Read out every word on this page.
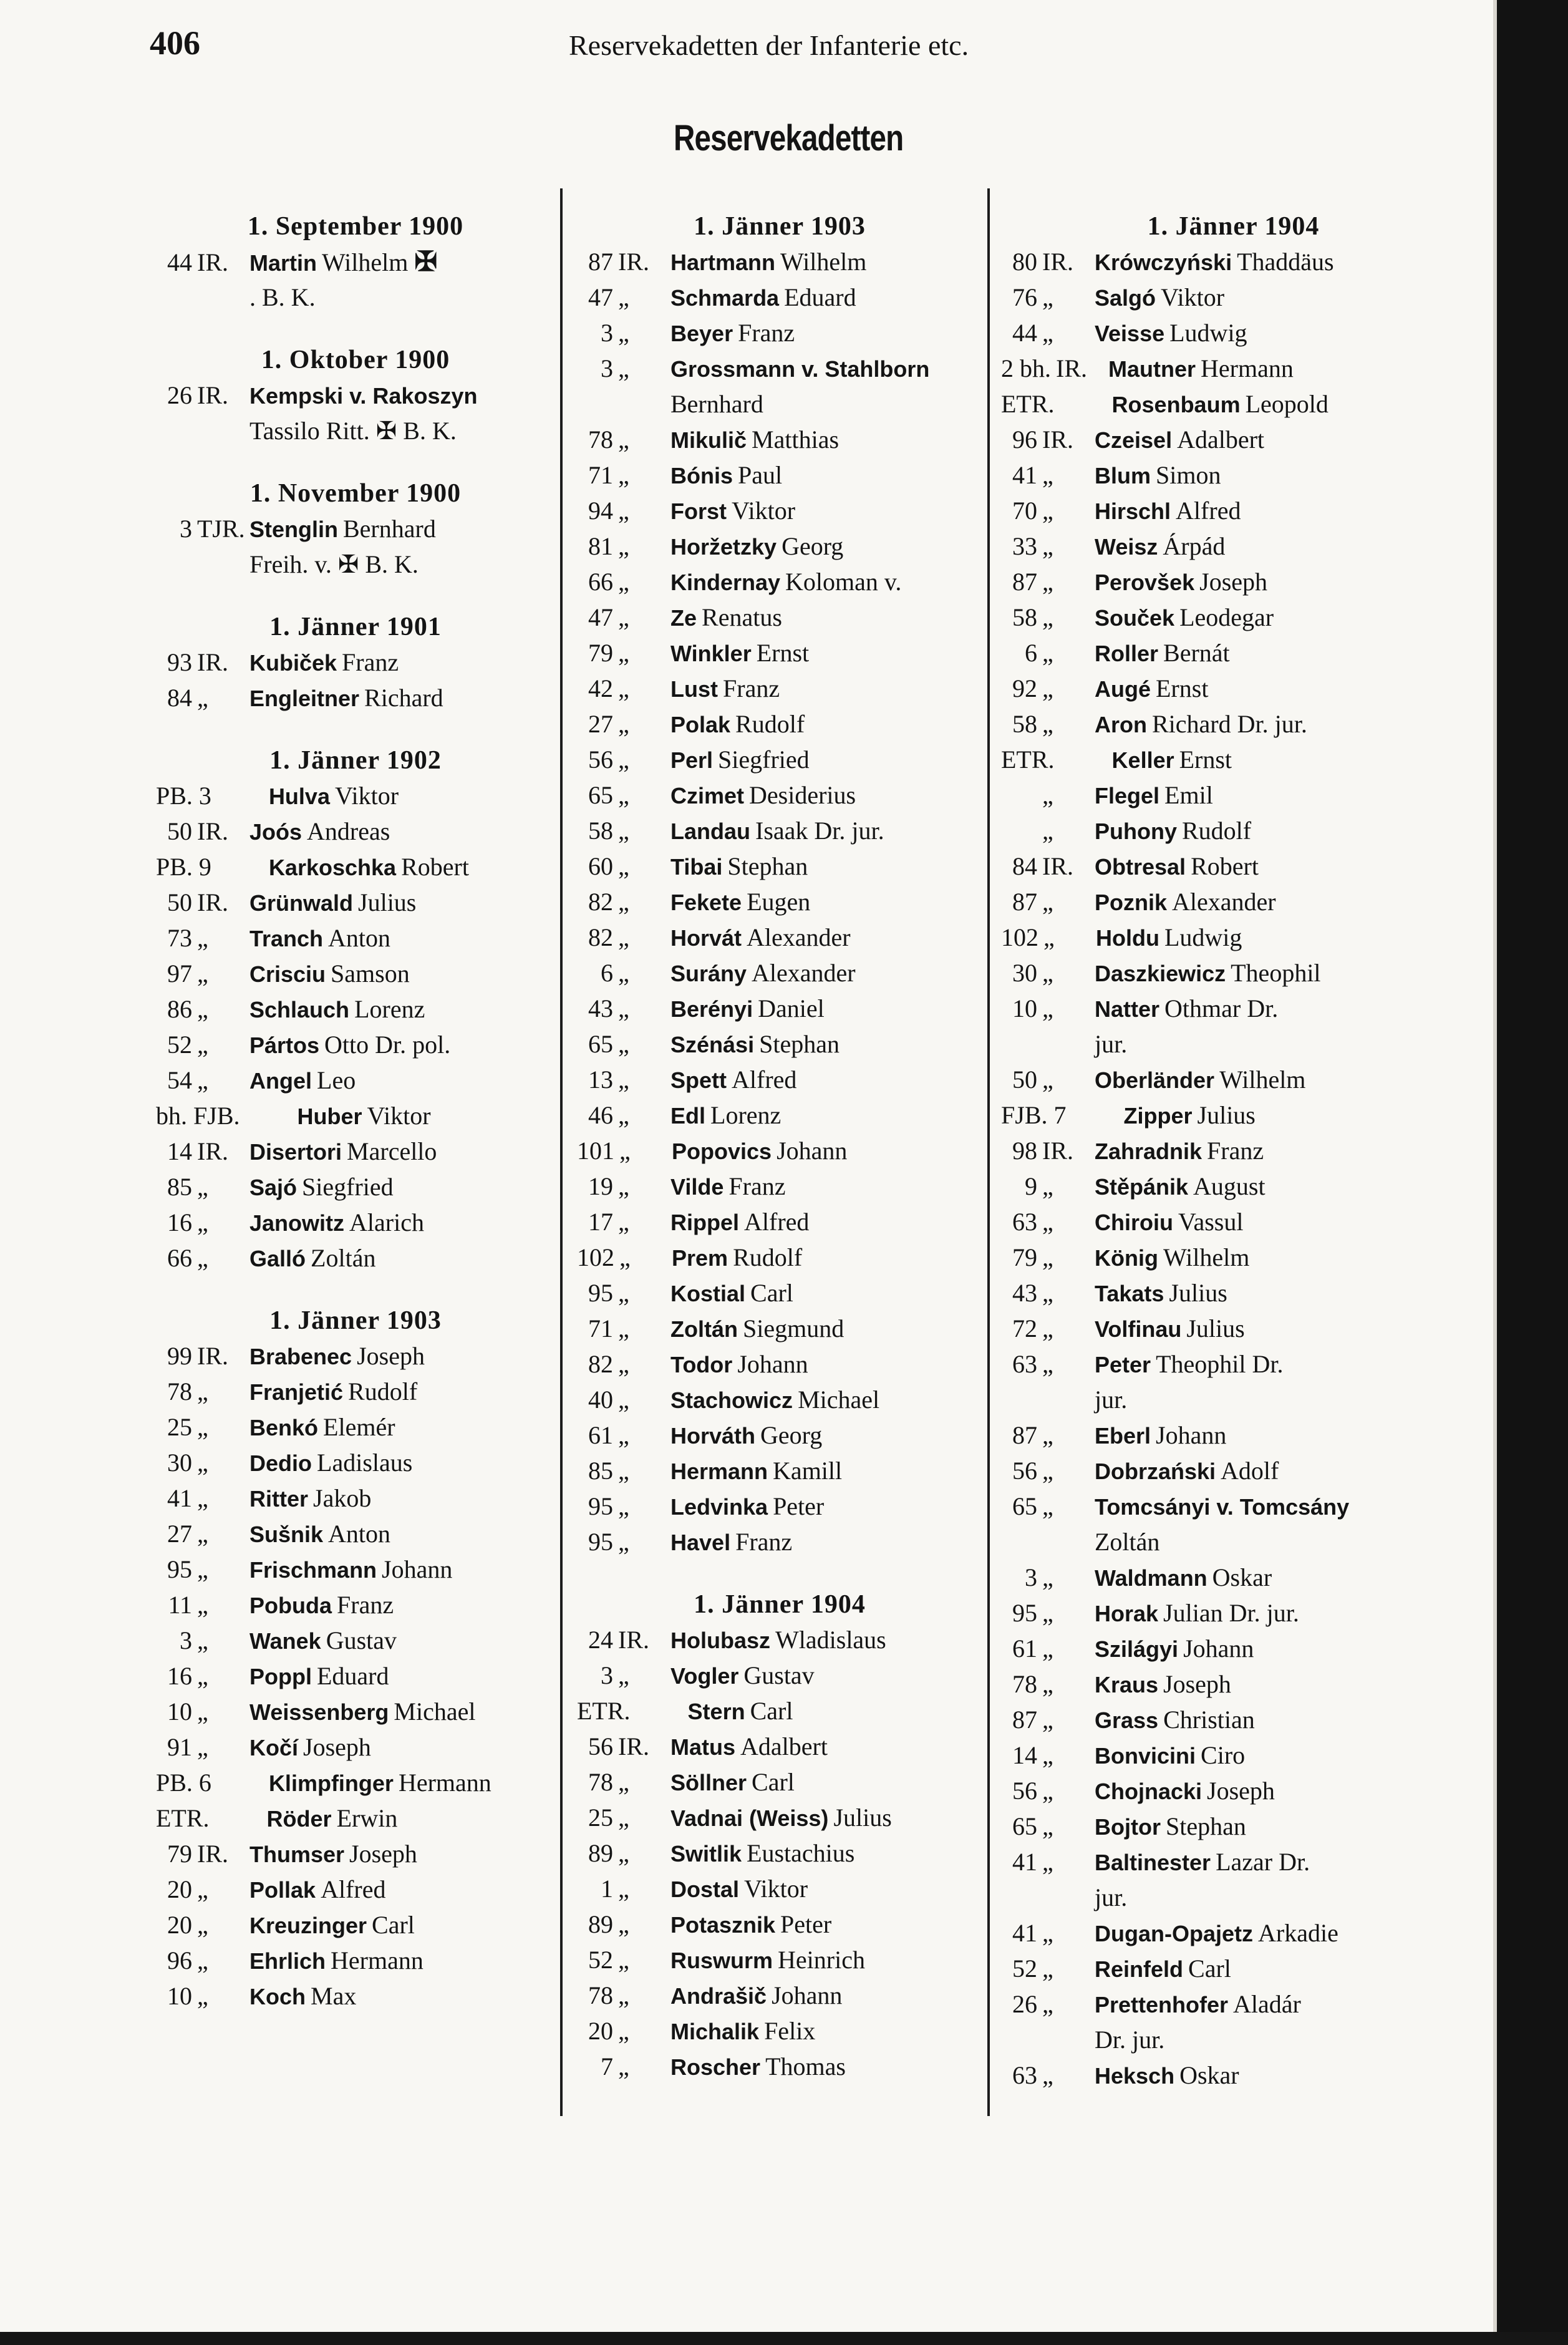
406	Reservekadetten der Infanterie etc.
Reservekadetten
1. September 1900
44 IR. Martin Wilhelm ✠
. B. K.
1. Oktober 1900
26 IR. Kempski v. Rakoszyn
Tassilo Ritt. ✠ B. K.
1. November 1900
3 TJR. Stenglin Bernhard
Freih. v. ✠ B. K.
1. Jänner 1901
93 IR. Kubiček Franz
84 „	Engleitner Richard
1. Jänner 1902
PB. 3	Hulva Viktor
50 IR. Joós Andreas
PB. 9	Karkoschka Robert
50 IR. Grünwald Julius
73 „	Tranch Anton
97 „	Crisciu Samson
86 „	Schlauch Lorenz
52 „	Pártos Otto Dr. pol.
54 „	Angel Leo
bh. FJB.	Huber Viktor
14 IR. Disertori Marcello
85 „	Sajó Siegfried
16 „	Janowitz Alarich
66 „	Galló Zoltán
1. Jänner 1903
99 IR. Brabenec Joseph
78 „	Franjetić Rudolf
25 „	Benkó Elemér
30 „	Dedio Ladislaus
41 „	Ritter Jakob
27 „	Sušnik Anton
95 „	Frischmann Johann
11 „	Pobuda Franz
3 „	Wanek Gustav
16 „	Poppl Eduard
10 „	Weissenberg Michael
91 „	Kočí Joseph
PB. 6	Klimpfinger Hermann
ETR.	Röder Erwin
79 IR. Thumser Joseph
20 „	Pollak Alfred
20 „	Kreuzinger Carl
96 „	Ehrlich Hermann
10 „	Koch Max
1. Jänner 1903
87 IR. Hartmann Wilhelm
47 „	Schmarda Eduard
3 „	Beyer Franz
3 „	Grossmann v. Stahlborn
Bernhard
78 „	Mikulič Matthias
71 „	Bónis Paul
94 „	Forst Viktor
81 „	Horžetzky Georg
66 „	Kindernay Koloman v.
47 „	Ze Renatus
79 „	Winkler Ernst
42 „	Lust Franz
27 „	Polak Rudolf
56 „	Perl Siegfried
65 „	Czimet Desiderius
58 „	Landau Isaak Dr. jur.
60 „	Tibai Stephan
82 „	Fekete Eugen
82 „	Horvát Alexander
6 „	Surány Alexander
43 „	Berényi Daniel
65 „	Szénási Stephan
13 „	Spett Alfred
46 „	Edl Lorenz
101 „	Popovics Johann
19 „	Vilde Franz
17 „	Rippel Alfred
102 „	Prem Rudolf
95 „	Kostial Carl
71 „	Zoltán Siegmund
82 „	Todor Johann
40 „	Stachowicz Michael
61 „	Horváth Georg
85 „	Hermann Kamill
95 „	Ledvinka Peter
95 „	Havel Franz
1. Jänner 1904
24 IR. Holubasz Wladislaus
3 „	Vogler Gustav
ETR.	Stern Carl
56 IR. Matus Adalbert
78 „	Söllner Carl
25 „	Vadnai (Weiss) Julius
89 „	Switlik Eustachius
1 „	Dostal Viktor
89 „	Potasznik Peter
52 „	Ruswurm Heinrich
78 „	Andrašič Johann
20 „	Michalik Felix
7 „	Roscher Thomas
1. Jänner 1904
80 IR. Krówczyński Thaddäus
76 „	Salgó Viktor
44 „	Veisse Ludwig
2 bh. IR. Mautner Hermann
ETR.	Rosenbaum Leopold
96 IR. Czeisel Adalbert
41 „	Blum Simon
70 „	Hirschl Alfred
33 „	Weisz Árpád
87 „	Perovšek Joseph
58 „	Souček Leodegar
6 „	Roller Bernát
92 „	Augé Ernst
58 „	Aron Richard Dr. jur.
ETR.	Keller Ernst
„	Flegel Emil
„	Puhony Rudolf
84 IR. Obtresal Robert
87 „	Poznik Alexander
102 „	Holdu Ludwig
30 „	Daszkiewicz Theophil
10 „	Natter Othmar Dr.
jur.
50 „	Oberländer Wilhelm
FJB. 7	Zipper Julius
98 IR. Zahradnik Franz
9 „	Stěpánik August
63 „	Chiroiu Vassul
79 „	König Wilhelm
43 „	Takats Julius
72 „	Volfinau Julius
63 „	Peter Theophil Dr.
jur.
87 „	Eberl Johann
56 „	Dobrzański Adolf
65 „	Tomcsányi v. Tomcsány
Zoltán
3 „	Waldmann Oskar
95 „	Horak Julian Dr. jur.
61 „	Szilágyi Johann
78 „	Kraus Joseph
87 „	Grass Christian
14 „	Bonvicini Ciro
56 „	Chojnacki Joseph
65 „	Bojtor Stephan
41 „	Baltinester Lazar Dr.
jur.
41 „	Dugan-Opajetz Arkadie
52 „	Reinfeld Carl
26 „	Prettenhofer Aladár
Dr. jur.
63 „	Heksch Oskar
